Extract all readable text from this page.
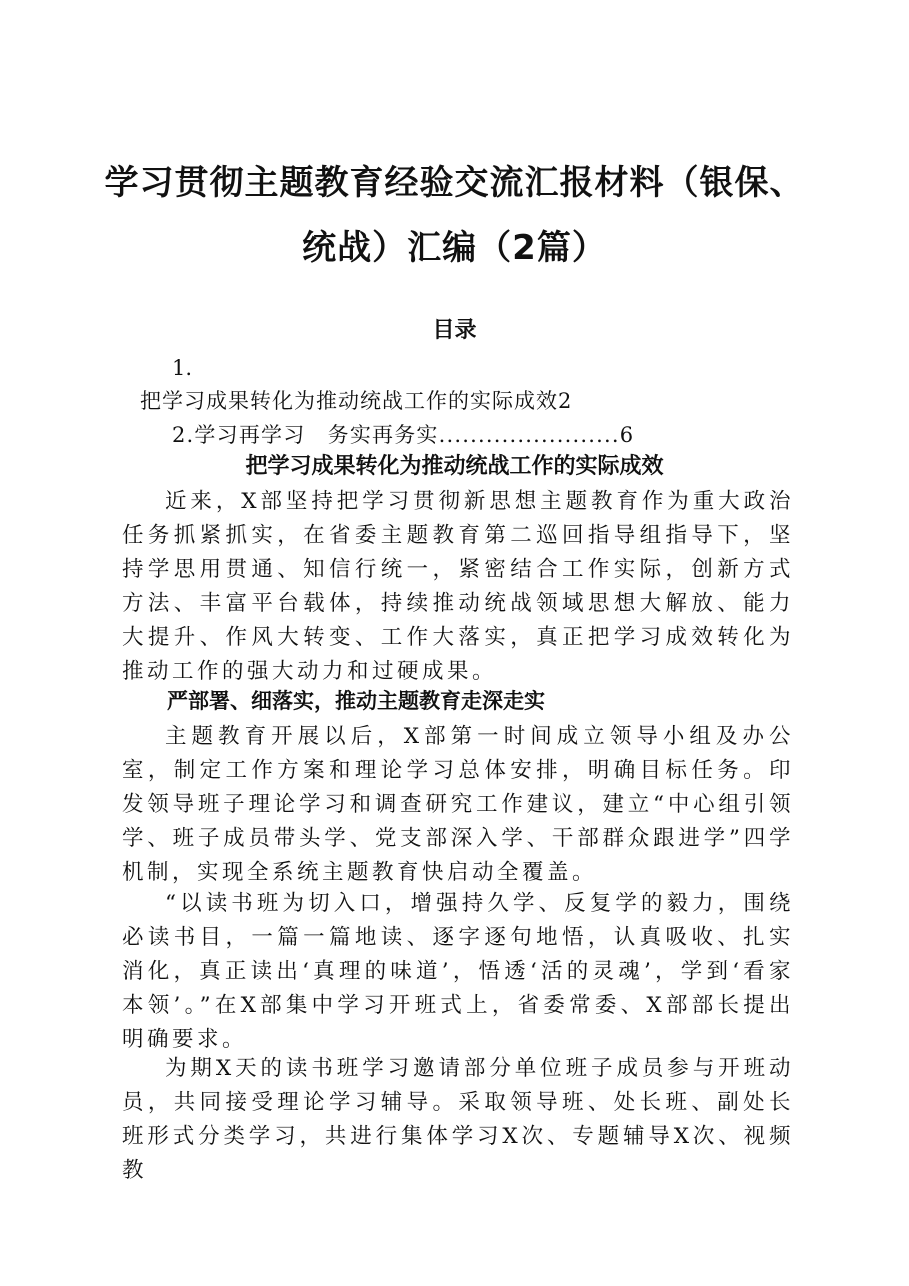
学习贯彻主题教育经验交流汇报材料（银保、
统战）汇编（2篇）
目录

1.

把学习成果转化为推动统战工作的实际成效2

2.学习再学习　务实再务实.......................6

把学习成果转化为推动统战工作的实际成效

近来，X部坚持把学习贯彻新思想主题教育作为重大政治任务抓紧抓实，在省委主题教育第二巡回指导组指导下，坚持学思用贯通、知信行统一，紧密结合工作实际，创新方式方法、丰富平台载体，持续推动统战领域思想大解放、能力大提升、作风大转变、工作大落实，真正把学习成效转化为推动工作的强大动力和过硬成果。

严部署、细落实，推动主题教育走深走实

主题教育开展以后，X部第一时间成立领导小组及办公室，制定工作方案和理论学习总体安排，明确目标任务。印发领导班子理论学习和调查研究工作建议，建立“中心组引领学、班子成员带头学、党支部深入学、干部群众跟进学”四学机制，实现全系统主题教育快启动全覆盖。

“以读书班为切入口，增强持久学、反复学的毅力，围绕必读书目，一篇一篇地读、逐字逐句地悟，认真吸收、扎实消化，真正读出‘真理的味道’，悟透‘活的灵魂’，学到‘看家本领’。”在X部集中学习开班式上，省委常委、X部部长提出明确要求。

为期X天的读书班学习邀请部分单位班子成员参与开班动员，共同接受理论学习辅导。采取领导班、处长班、副处长班形式分类学习，共进行集体学习X次、专题辅导X次、视频教
